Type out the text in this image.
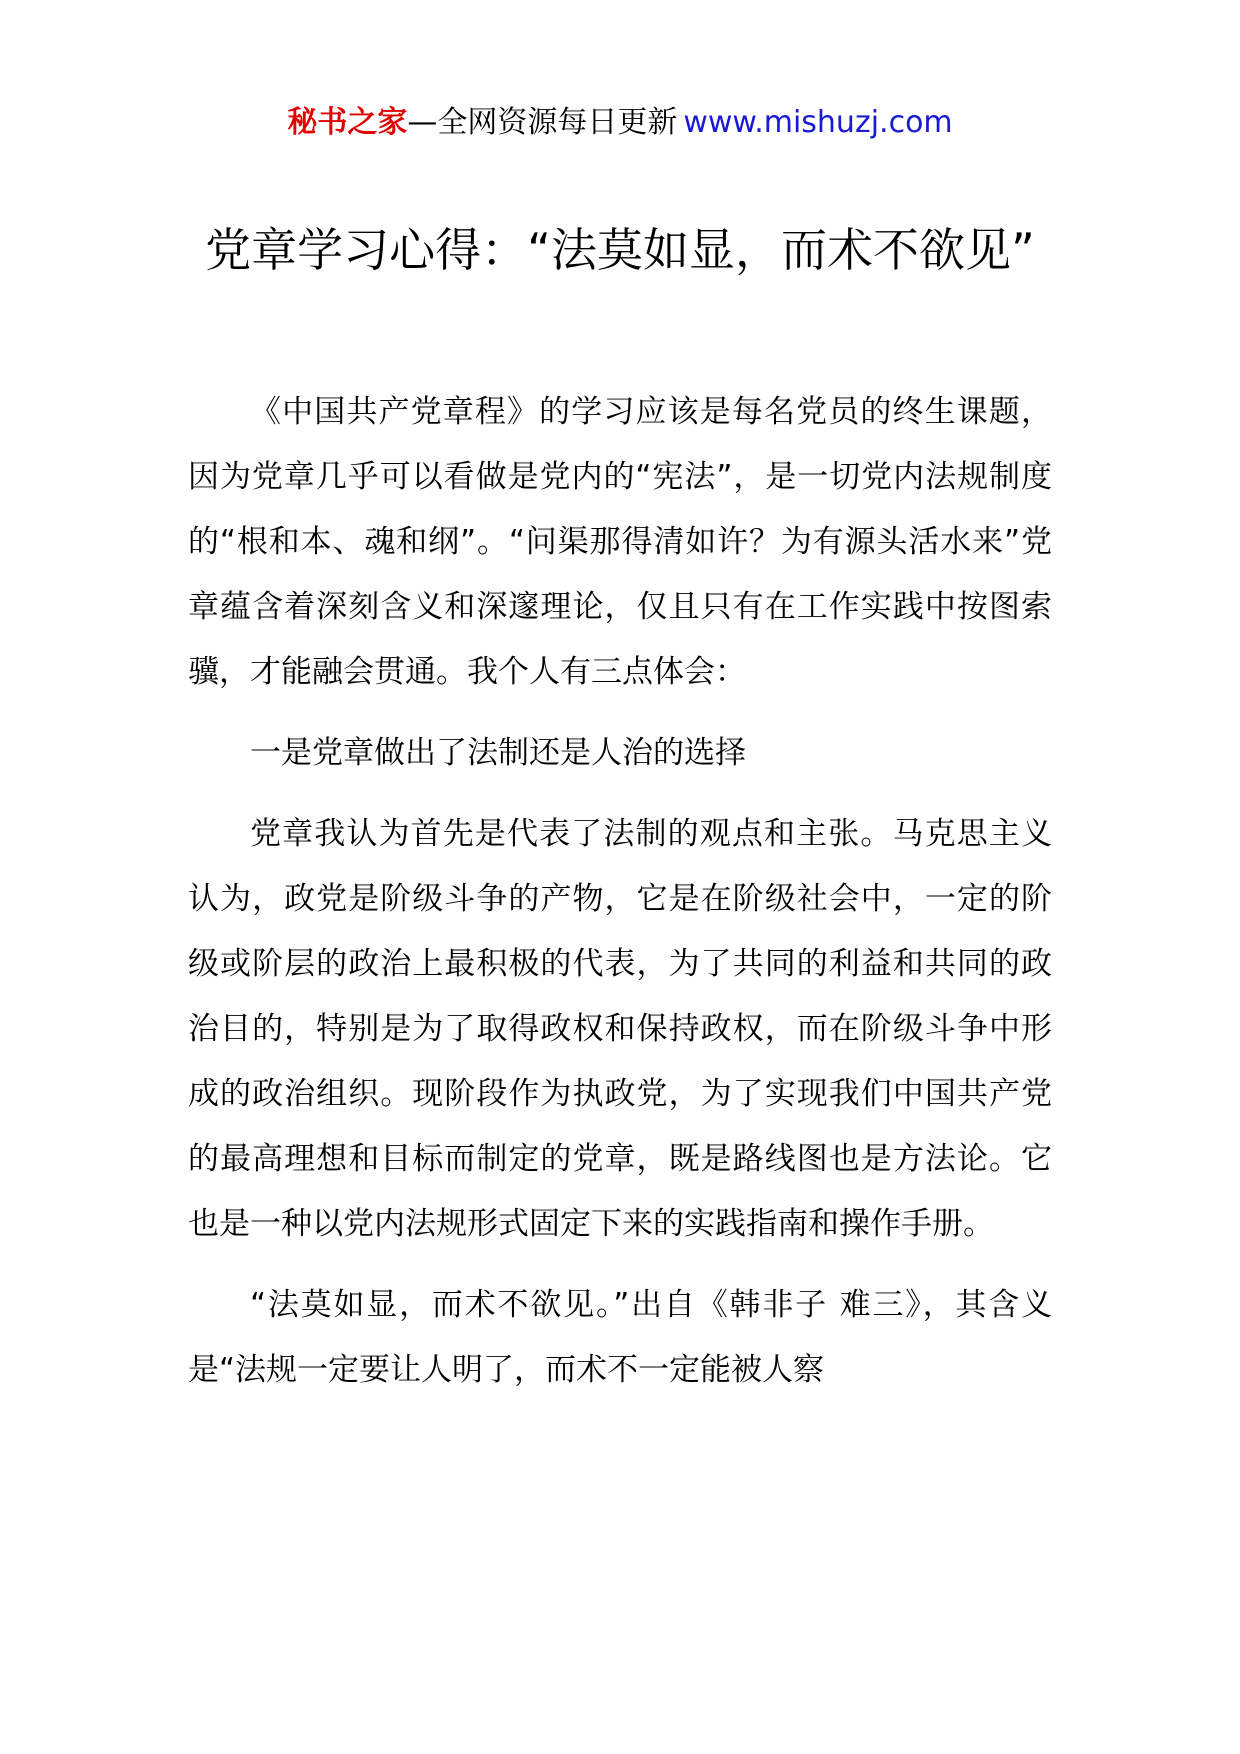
秘书之家—全网资源每日更新 www.mishuzj.com
党章学习心得：“法莫如显，而术不欲见”

《中国共产党章程》的学习应该是每名党员的终生课题，因为党章几乎可以看做是党内的“宪法”，是一切党内法规制度的“根和本、魂和纲”。“问渠那得清如许？为有源头活水来”党章蕴含着深刻含义和深邃理论，仅且只有在工作实践中按图索骥，才能融会贯通。我个人有三点体会：

一是党章做出了法制还是人治的选择

党章我认为首先是代表了法制的观点和主张。马克思主义认为，政党是阶级斗争的产物，它是在阶级社会中，一定的阶级或阶层的政治上最积极的代表，为了共同的利益和共同的政治目的，特别是为了取得政权和保持政权，而在阶级斗争中形成的政治组织。现阶段作为执政党，为了实现我们中国共产党的最高理想和目标而制定的党章，既是路线图也是方法论。它也是一种以党内法规形式固定下来的实践指南和操作手册。

“法莫如显，而术不欲见。”出自《韩非子 难三》，其含义是“法规一定要让人明了，而术不一定能被人察
